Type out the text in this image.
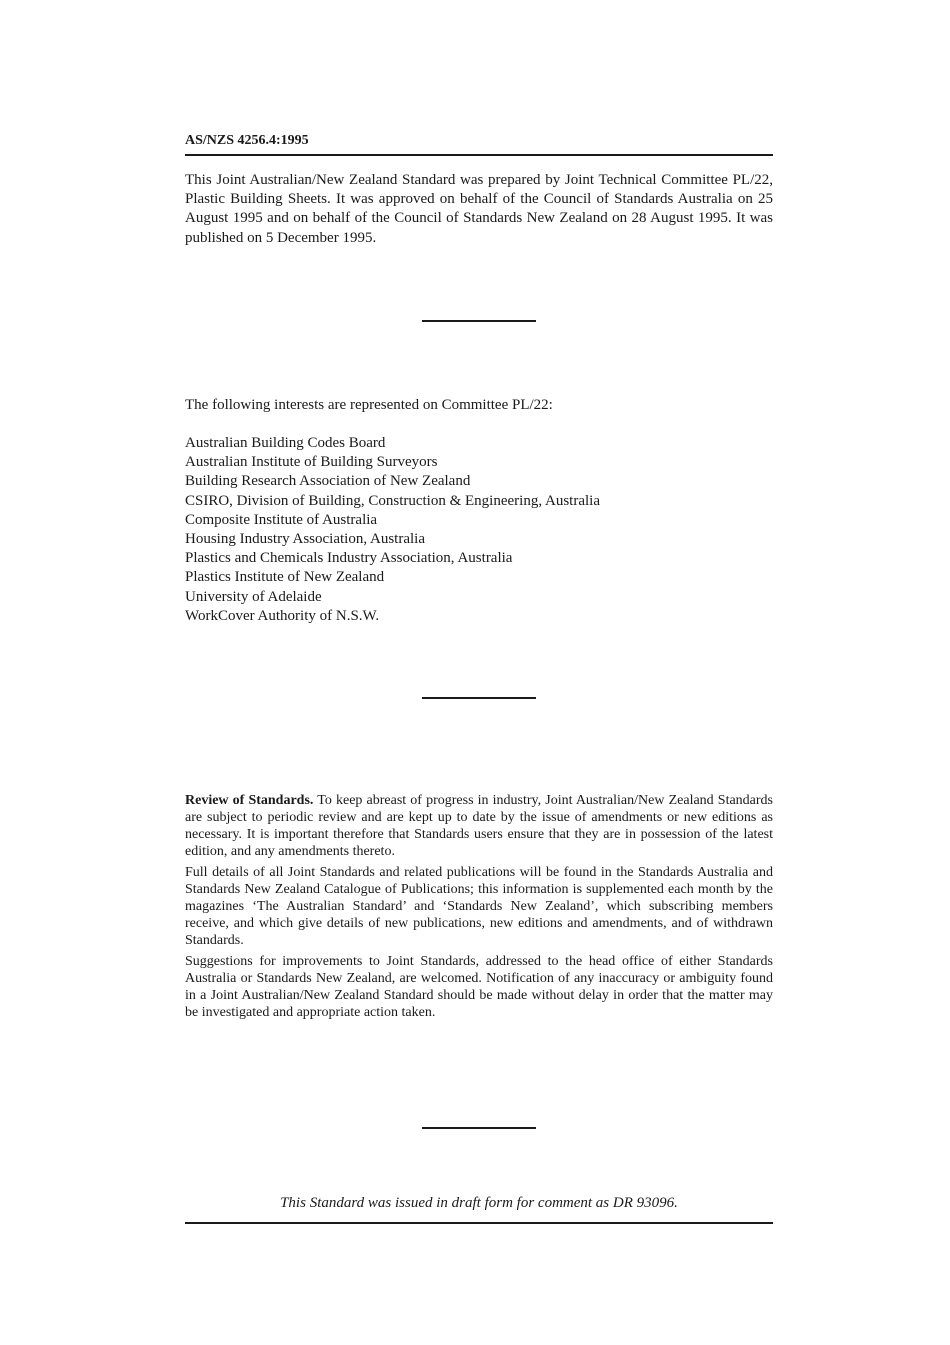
AS/NZS 4256.4:1995

This Joint Australian/New Zealand Standard was prepared by Joint Technical Committee PL/22, Plastic Building Sheets. It was approved on behalf of the Council of Standards Australia on 25 August 1995 and on behalf of the Council of Standards New Zealand on 28 August 1995. It was published on 5 December 1995.

The following interests are represented on Committee PL/22:

Australian Building Codes Board
Australian Institute of Building Surveyors
Building Research Association of New Zealand
CSIRO, Division of Building, Construction & Engineering, Australia
Composite Institute of Australia
Housing Industry Association, Australia
Plastics and Chemicals Industry Association, Australia
Plastics Institute of New Zealand
University of Adelaide
WorkCover Authority of N.S.W.

Review of Standards. To keep abreast of progress in industry, Joint Australian/New Zealand Standards are subject to periodic review and are kept up to date by the issue of amendments or new editions as necessary. It is important therefore that Standards users ensure that they are in possession of the latest edition, and any amendments thereto.

Full details of all Joint Standards and related publications will be found in the Standards Australia and Standards New Zealand Catalogue of Publications; this information is supplemented each month by the magazines ‘The Australian Standard’ and ‘Standards New Zealand’, which subscribing members receive, and which give details of new publications, new editions and amendments, and of withdrawn Standards.

Suggestions for improvements to Joint Standards, addressed to the head office of either Standards Australia or Standards New Zealand, are welcomed. Notification of any inaccuracy or ambiguity found in a Joint Australian/New Zealand Standard should be made without delay in order that the matter may be investigated and appropriate action taken.

This Standard was issued in draft form for comment as DR 93096.
